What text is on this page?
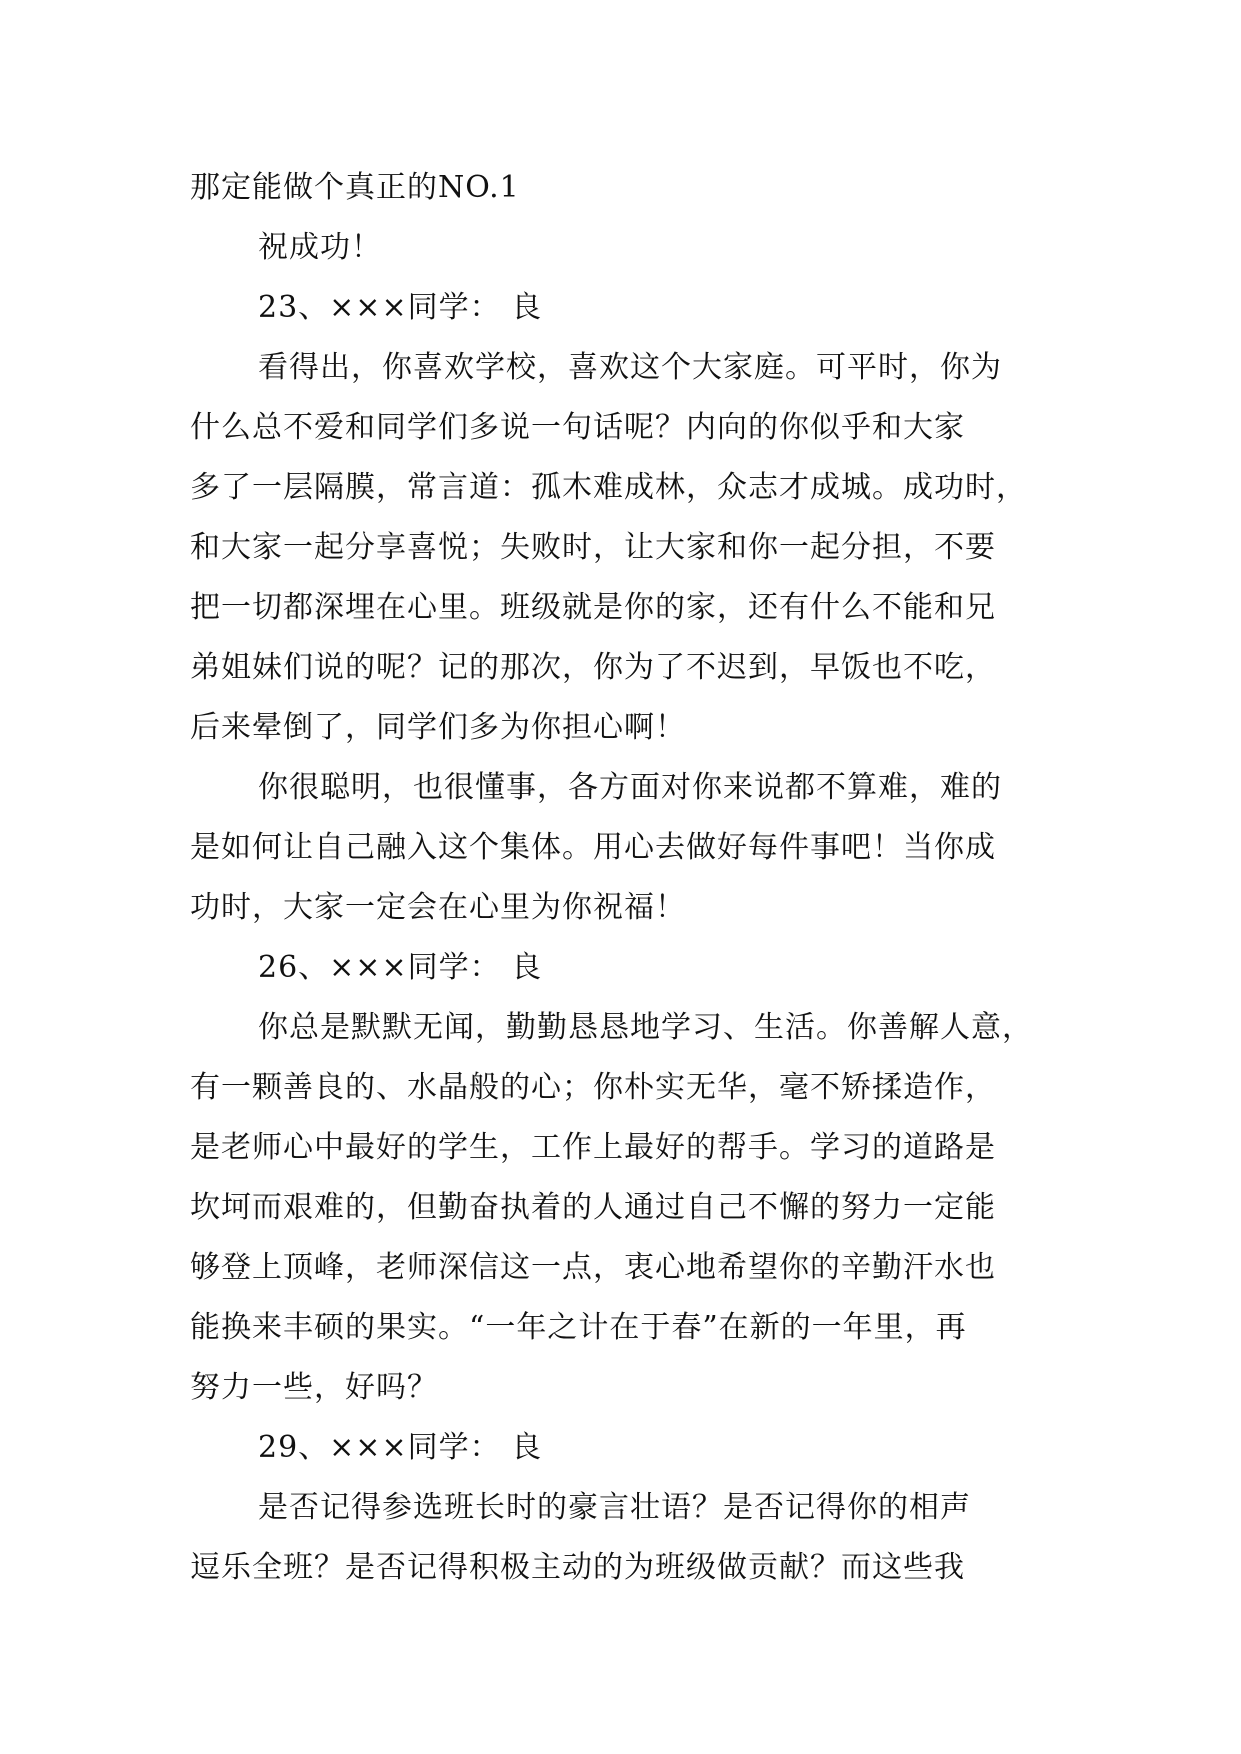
那定能做个真正的NO.1
祝成功！
23、×××同学： 良
看得出，你喜欢学校，喜欢这个大家庭。可平时，你为
什么总不爱和同学们多说一句话呢？内向的你似乎和大家
多了一层隔膜，常言道：孤木难成林，众志才成城。成功时，
和大家一起分享喜悦；失败时，让大家和你一起分担，不要
把一切都深埋在心里。班级就是你的家，还有什么不能和兄
弟姐妹们说的呢？记的那次，你为了不迟到，早饭也不吃，
后来晕倒了，同学们多为你担心啊！
你很聪明，也很懂事，各方面对你来说都不算难，难的
是如何让自己融入这个集体。用心去做好每件事吧！当你成
功时，大家一定会在心里为你祝福！
26、×××同学： 良
你总是默默无闻，勤勤恳恳地学习、生活。你善解人意，
有一颗善良的、水晶般的心；你朴实无华，毫不矫揉造作，
是老师心中最好的学生，工作上最好的帮手。学习的道路是
坎坷而艰难的，但勤奋执着的人通过自己不懈的努力一定能
够登上顶峰，老师深信这一点，衷心地希望你的辛勤汗水也
能换来丰硕的果实。“一年之计在于春”在新的一年里，再
努力一些，好吗？
29、×××同学： 良
是否记得参选班长时的豪言壮语？是否记得你的相声
逗乐全班？是否记得积极主动的为班级做贡献？而这些我
